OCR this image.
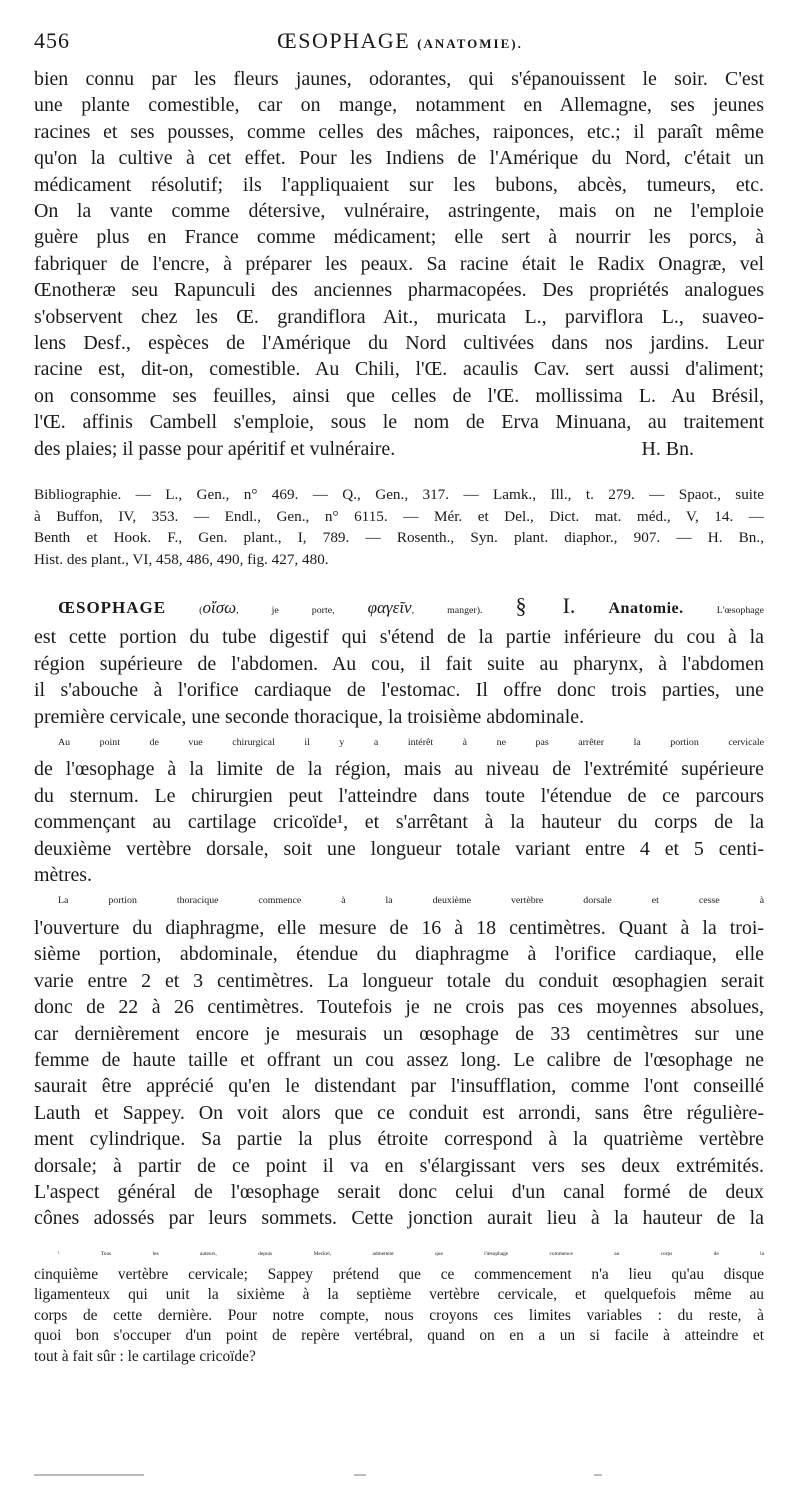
456	ŒSOPHAGE (ANATOMIE).
bien connu par les fleurs jaunes, odorantes, qui s'épanouissent le soir. C'est
une plante comestible, car on mange, notamment en Allemagne, ses jeunes
racines et ses pousses, comme celles des mâches, raiponces, etc.; il paraît même
qu'on la cultive à cet effet. Pour les Indiens de l'Amérique du Nord, c'était un
médicament résolutif; ils l'appliquaient sur les bubons, abcès, tumeurs, etc.
On la vante comme détersive, vulnéraire, astringente, mais on ne l'emploie
guère plus en France comme médicament; elle sert à nourrir les porcs, à
fabriquer de l'encre, à préparer les peaux. Sa racine était le Radix Onagræ, vel
Œnotheræ seu Rapunculi des anciennes pharmacopées. Des propriétés analogues
s'observent chez les Œ. grandiflora Ait., muricata L., parviflora L., suaveo-
lens Desf., espèces de l'Amérique du Nord cultivées dans nos jardins. Leur
racine est, dit-on, comestible. Au Chili, l'Œ. acaulis Cav. sert aussi d'aliment;
on consomme ses feuilles, ainsi que celles de l'Œ. mollissima L. Au Brésil,
l'Œ. affinis Cambell s'emploie, sous le nom de Erva Minuana, au traitement
des plaies; il passe pour apéritif et vulnéraire.	H. Bn.
Bibliographie. — L., Gen., n° 469. — Q., Gen., 317. — Lamk., Ill., t. 279. — Spaot., suite
à Buffon, IV, 353. — Endl., Gen., n° 6115. — Mér. et Del., Dict. mat. méd., V, 14. —
Benth et Hook. F., Gen. plant., I, 789. — Rosenth., Syn. plant. diaphor., 907. — H. Bn.,
Hist. des plant., VI, 458, 486, 490, fig. 427, 480.
ŒSOPHAGE	(οἴσω, je porte, φαγεῖν, manger). § I. Anatomie.	L'œsophage
est cette portion du tube digestif qui s'étend de la partie inférieure du cou à la
région supérieure de l'abdomen. Au cou, il fait suite au pharynx, à l'abdomen
il s'abouche à l'orifice cardiaque de l'estomac. Il offre donc trois parties, une
première cervicale, une seconde thoracique, la troisième abdominale.
Au point de vue chirurgical il y a intérêt à ne pas arrêter la portion cervicale
de l'œsophage à la limite de la région, mais au niveau de l'extrémité supérieure
du sternum. Le chirurgien peut l'atteindre dans toute l'étendue de ce parcours
commençant au cartilage cricoïde¹, et s'arrêtant à la hauteur du corps de la
deuxième vertèbre dorsale, soit une longueur totale variant entre 4 et 5 centi-
mètres.
La portion thoracique commence à la deuxième vertèbre dorsale et cesse à
l'ouverture du diaphragme, elle mesure de 16 à 18 centimètres. Quant à la troi-
sième portion, abdominale, étendue du diaphragme à l'orifice cardiaque, elle
varie entre 2 et 3 centimètres. La longueur totale du conduit œsophagien serait
donc de 22 à 26 centimètres. Toutefois je ne crois pas ces moyennes absolues,
car dernièrement encore je mesurais un œsophage de 33 centimètres sur une
femme de haute taille et offrant un cou assez long. Le calibre de l'œsophage ne
saurait être apprécié qu'en le distendant par l'insufflation, comme l'ont conseillé
Lauth et Sappey. On voit alors que ce conduit est arrondi, sans être régulière-
ment cylindrique. Sa partie la plus étroite correspond à la quatrième vertèbre
dorsale; à partir de ce point il va en s'élargissant vers ses deux extrémités.
L'aspect général de l'œsophage serait donc celui d'un canal formé de deux
cônes adossés par leurs sommets. Cette jonction aurait lieu à la hauteur de la
¹ Tous les auteurs, depuis Meckel, admettent que l'œsophage commence au corps de la
cinquième vertèbre cervicale; Sappey prétend que ce commencement n'a lieu qu'au disque
ligamenteux qui unit la sixième à la septième vertèbre cervicale, et quelquefois même au
corps de cette dernière. Pour notre compte, nous croyons ces limites variables : du reste, à
quoi bon s'occuper d'un point de repère vertébral, quand on en a un si facile à atteindre et
tout à fait sûr : le cartilage cricoïde?
